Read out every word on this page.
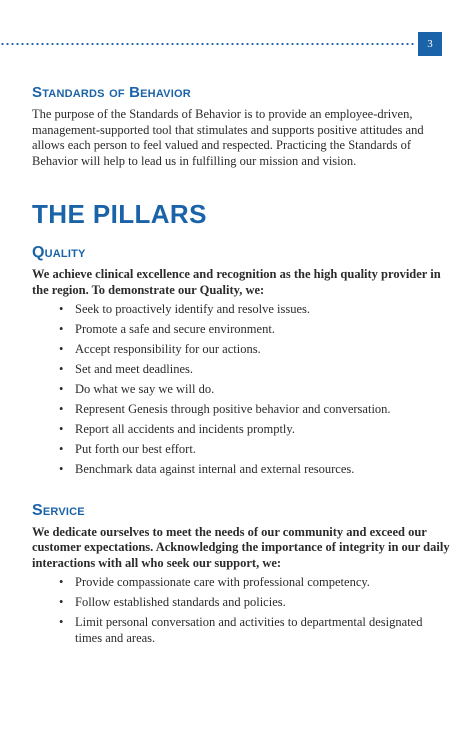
3
Standards of Behavior

The purpose of the Standards of Behavior is to provide an employee-driven, management-supported tool that stimulates and supports positive attitudes and allows each person to feel valued and respected. Practicing the Standards of Behavior will help to lead us in fulfilling our mission and vision.

THE PILLARS
Quality

We achieve clinical excellence and recognition as the high quality provider in the region. To demonstrate our Quality, we:

• Seek to proactively identify and resolve issues.
• Promote a safe and secure environment.
• Accept responsibility for our actions.
• Set and meet deadlines.
• Do what we say we will do.
• Represent Genesis through positive behavior and conversation.
• Report all accidents and incidents promptly.
• Put forth our best effort.
• Benchmark data against internal and external resources.
Service

We dedicate ourselves to meet the needs of our community and exceed our customer expectations. Acknowledging the importance of integrity in our daily interactions with all who seek our support, we:

• Provide compassionate care with professional competency.
• Follow established standards and policies.
• Limit personal conversation and activities to departmental designated times and areas.
